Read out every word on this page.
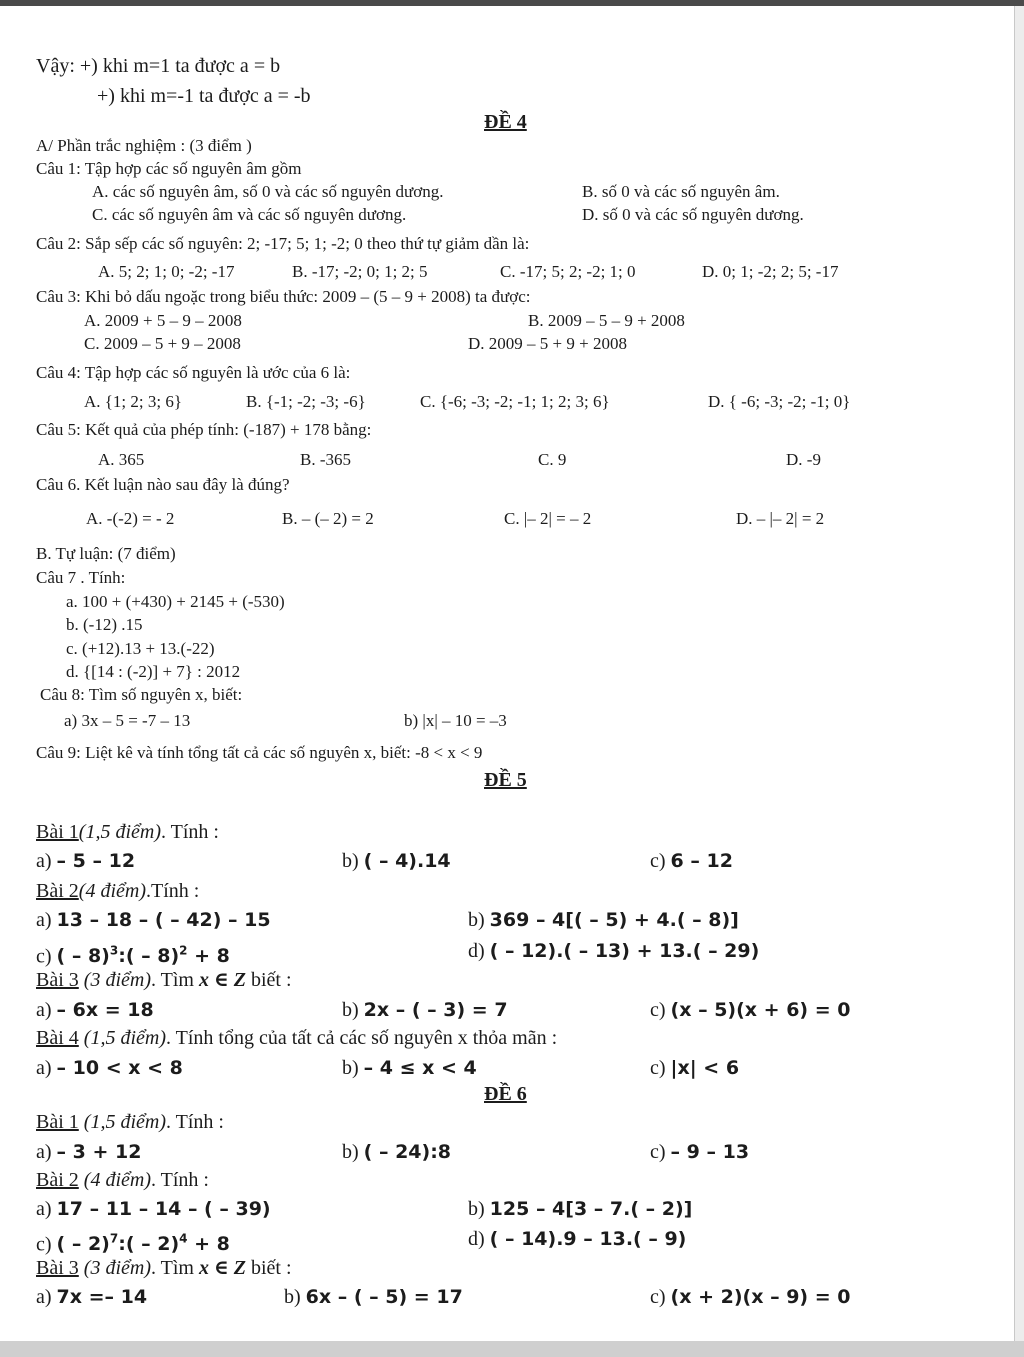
Vậy: +) khi m=1 ta được a = b
+) khi m=-1 ta được a = -b
ĐỀ 4
A/ Phần trắc nghiệm : (3 điểm )
Câu 1: Tập hợp các số nguyên âm gồm
A. các số nguyên âm, số 0 và các số nguyên dương.	B. số 0 và các số nguyên âm.
C. các số nguyên âm và các số nguyên dương.	D. số 0 và các số nguyên dương.
Câu 2: Sắp sếp các số nguyên: 2; -17; 5; 1; -2; 0 theo thứ tự giảm dần là:
A. 5; 2; 1; 0; -2; -17	B. -17; -2; 0; 1; 2; 5	C. -17; 5; 2; -2; 1; 0	D. 0; 1; -2; 2; 5; -17
Câu 3: Khi bỏ dấu ngoặc trong biểu thức: 2009 – (5 – 9 + 2008) ta được:
A. 2009 + 5 – 9 – 2008	B. 2009 – 5 – 9 + 2008
C. 2009 – 5 + 9 – 2008	D. 2009 – 5 + 9 + 2008
Câu 4: Tập hợp các số nguyên là ước của 6 là:
A. {1; 2; 3; 6}	B. {-1; -2; -3; -6}	C. {-6; -3; -2; -1; 1; 2; 3; 6}	D. { -6; -3; -2; -1; 0}
Câu 5: Kết quả của phép tính: (-187) + 178 bằng:
A. 365	B. -365	C. 9	D. -9
Câu 6. Kết luận nào sau đây là đúng?
A. -(-2) = - 2	B. – (– 2) = 2	C. |– 2| = – 2	D. – |– 2| = 2
B. Tự luận: (7 điểm)
Câu 7 . Tính:
a. 100 + (+430) + 2145 + (-530)
b. (-12) .15
c. (+12).13 + 13.(-22)
d. {[14 : (-2)] + 7} : 2012
Câu 8: Tìm số nguyên x, biết:
a) 3x – 5 = -7 – 13	b) |x| – 10 = –3
Câu 9: Liệt kê và tính tổng tất cả các số nguyên x, biết: -8 < x < 9
ĐỀ 5
Bài 1(1,5 điểm). Tính :
a) – 5 – 12	b) ( – 4).14	c) 6 – 12
Bài 2(4 điểm).Tính :
a) 13 – 18 – ( – 42) – 15	b) 369 – 4[( – 5) + 4.( – 8)]
c) ( – 8)$^3$:( – 8)$^2$ + 8	d) ( – 12).( – 13) + 13.( – 29)
Bài 3 (3 điểm). Tìm x ∈ Z biết :
a) – 6x = 18	b) 2x – ( – 3) = 7	c) (x – 5)(x + 6) = 0
Bài 4 (1,5 điểm). Tính tổng của tất cả các số nguyên x thỏa mãn :
a) – 10 < x < 8	b) – 4 ≤ x < 4	c) |x| < 6
ĐỀ 6
Bài 1 (1,5 điểm). Tính :
a) – 3 + 12	b) ( – 24):8	c) – 9 – 13
Bài 2 (4 điểm). Tính :
a) 17 – 11 – 14 – ( – 39)	b) 125 – 4[3 – 7.( – 2)]
c) ( – 2)$^7$:( – 2)$^4$ + 8	d) ( – 14).9 – 13.( – 9)
Bài 3 (3 điểm). Tìm x ∈ Z biết :
a) 7x =– 14	b) 6x – ( – 5) = 17	c) (x + 2)(x – 9) = 0
